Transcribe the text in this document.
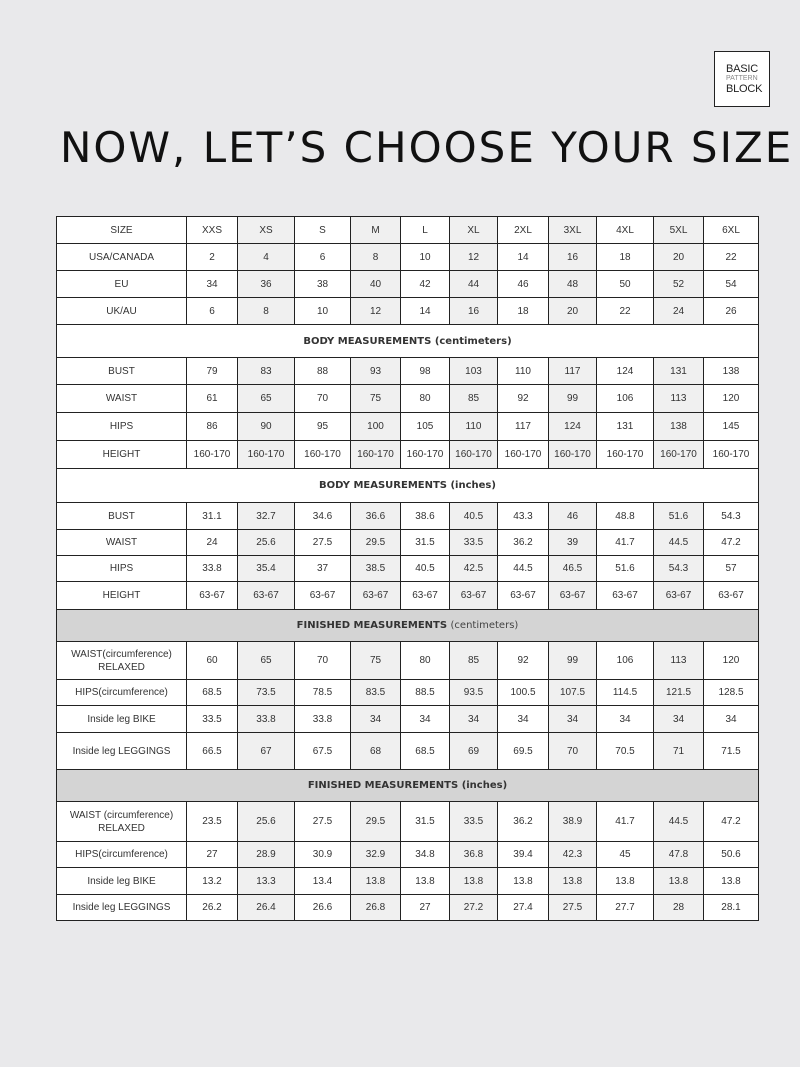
BASIC
PATTERN
BLOCK
NOW, LET’S CHOOSE YOUR SIZE
SIZE	XXS	XS	S	M	L	XL	2XL	3XL	4XL	5XL	6XL
USA/CANADA	2	4	6	8	10	12	14	16	18	20	22
EU	34	36	38	40	42	44	46	48	50	52	54
UK/AU	6	8	10	12	14	16	18	20	22	24	26
BODY MEASUREMENTS (centimeters)											
BUST	79	83	88	93	98	103	110	117	124	131	138
WAIST	61	65	70	75	80	85	92	99	106	113	120
HIPS	86	90	95	100	105	110	117	124	131	138	145
HEIGHT	160-170	160-170	160-170	160-170	160-170	160-170	160-170	160-170	160-170	160-170	160-170
BODY MEASUREMENTS (inches)											
BUST	31.1	32.7	34.6	36.6	38.6	40.5	43.3	46	48.8	51.6	54.3
WAIST	24	25.6	27.5	29.5	31.5	33.5	36.2	39	41.7	44.5	47.2
HIPS	33.8	35.4	37	38.5	40.5	42.5	44.5	46.5	51.6	54.3	57
HEIGHT	63-67	63-67	63-67	63-67	63-67	63-67	63-67	63-67	63-67	63-67	63-67
FINISHED MEASUREMENTS (centimeters)											
WAIST(circumference)
RELAXED	60	65	70	75	80	85	92	99	106	113	120
HIPS(circumference)	68.5	73.5	78.5	83.5	88.5	93.5	100.5	107.5	114.5	121.5	128.5
Inside leg BIKE	33.5	33.8	33.8	34	34	34	34	34	34	34	34
Inside leg LEGGINGS	66.5	67	67.5	68	68.5	69	69.5	70	70.5	71	71.5
FINISHED MEASUREMENTS (inches)											
WAIST (circumference)
RELAXED	23.5	25.6	27.5	29.5	31.5	33.5	36.2	38.9	41.7	44.5	47.2
HIPS(circumference)	27	28.9	30.9	32.9	34.8	36.8	39.4	42.3	45	47.8	50.6
Inside leg BIKE	13.2	13.3	13.4	13.8	13.8	13.8	13.8	13.8	13.8	13.8	13.8
Inside leg LEGGINGS	26.2	26.4	26.6	26.8	27	27.2	27.4	27.5	27.7	28	28.1
